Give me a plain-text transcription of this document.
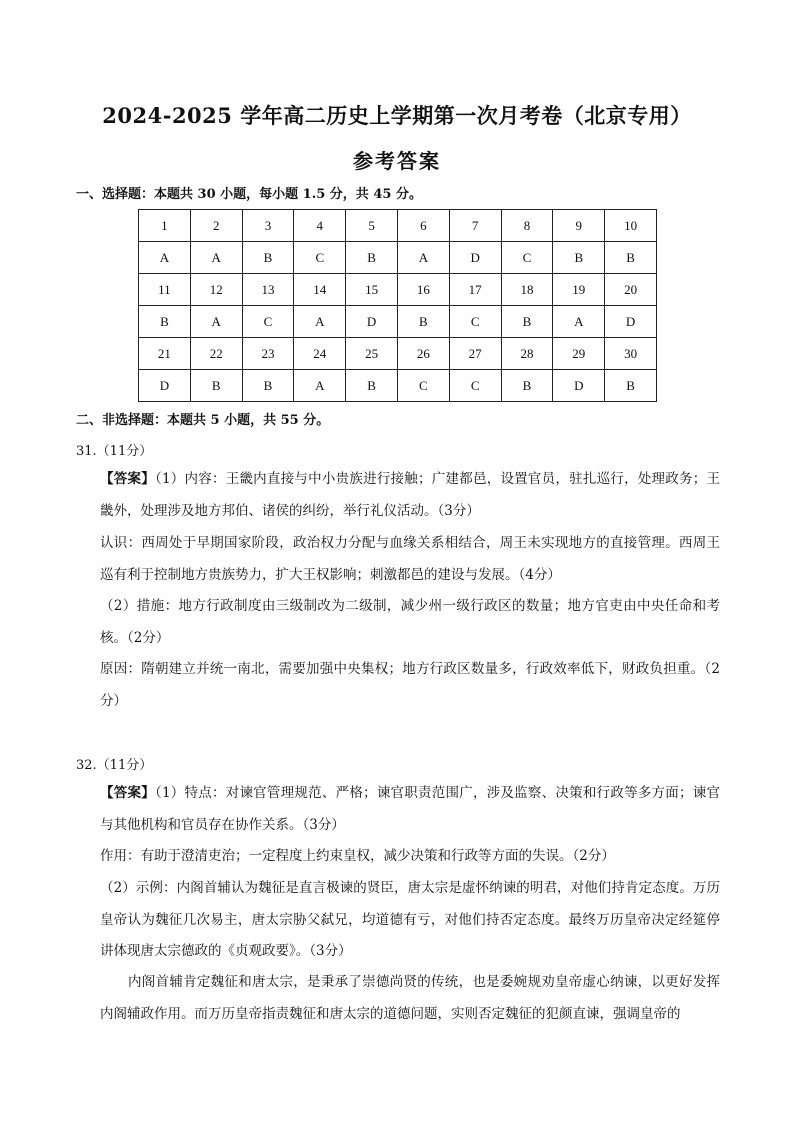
2024-2025 学年高二历史上学期第一次月考卷（北京专用）
参考答案
一、选择题：本题共 30 小题，每小题 1.5 分，共 45 分。
1	2	3	4	5	6	7	8	9	10
A	A	B	C	B	A	D	C	B	B
11	12	13	14	15	16	17	18	19	20
B	A	C	A	D	B	C	B	A	D
21	22	23	24	25	26	27	28	29	30
D	B	B	A	B	C	C	B	D	B
二、非选择题：本题共 5 小题，共 55 分。
31.（11分）
【答案】（1）内容：王畿内直接与中小贵族进行接触；广建都邑，设置官员，驻扎巡行，处理政务；王畿外，处理涉及地方邦伯、诸侯的纠纷，举行礼仪活动。（3分）
认识：西周处于早期国家阶段，政治权力分配与血缘关系相结合，周王未实现地方的直接管理。西周王巡有利于控制地方贵族势力，扩大王权影响；刺激都邑的建设与发展。（4分）
（2）措施：地方行政制度由三级制改为二级制，减少州一级行政区的数量；地方官吏由中央任命和考核。（2分）
原因：隋朝建立并统一南北，需要加强中央集权；地方行政区数量多，行政效率低下，财政负担重。（2分）
32.（11分）
【答案】（1）特点：对谏官管理规范、严格；谏官职责范围广，涉及监察、决策和行政等多方面；谏官与其他机构和官员存在协作关系。（3分）
作用：有助于澄清吏治；一定程度上约束皇权，减少决策和行政等方面的失误。（2分）
（2）示例：内阁首辅认为魏征是直言极谏的贤臣，唐太宗是虚怀纳谏的明君，对他们持肯定态度。万历皇帝认为魏征几次易主，唐太宗胁父弑兄，均道德有亏，对他们持否定态度。最终万历皇帝决定经筵停讲体现唐太宗德政的《贞观政要》。（3分）
内阁首辅肯定魏征和唐太宗，是秉承了崇德尚贤的传统，也是委婉规劝皇帝虚心纳谏，以更好发挥内阁辅政作用。而万历皇帝指责魏征和唐太宗的道德问题，实则否定魏征的犯颜直谏，强调皇帝的
